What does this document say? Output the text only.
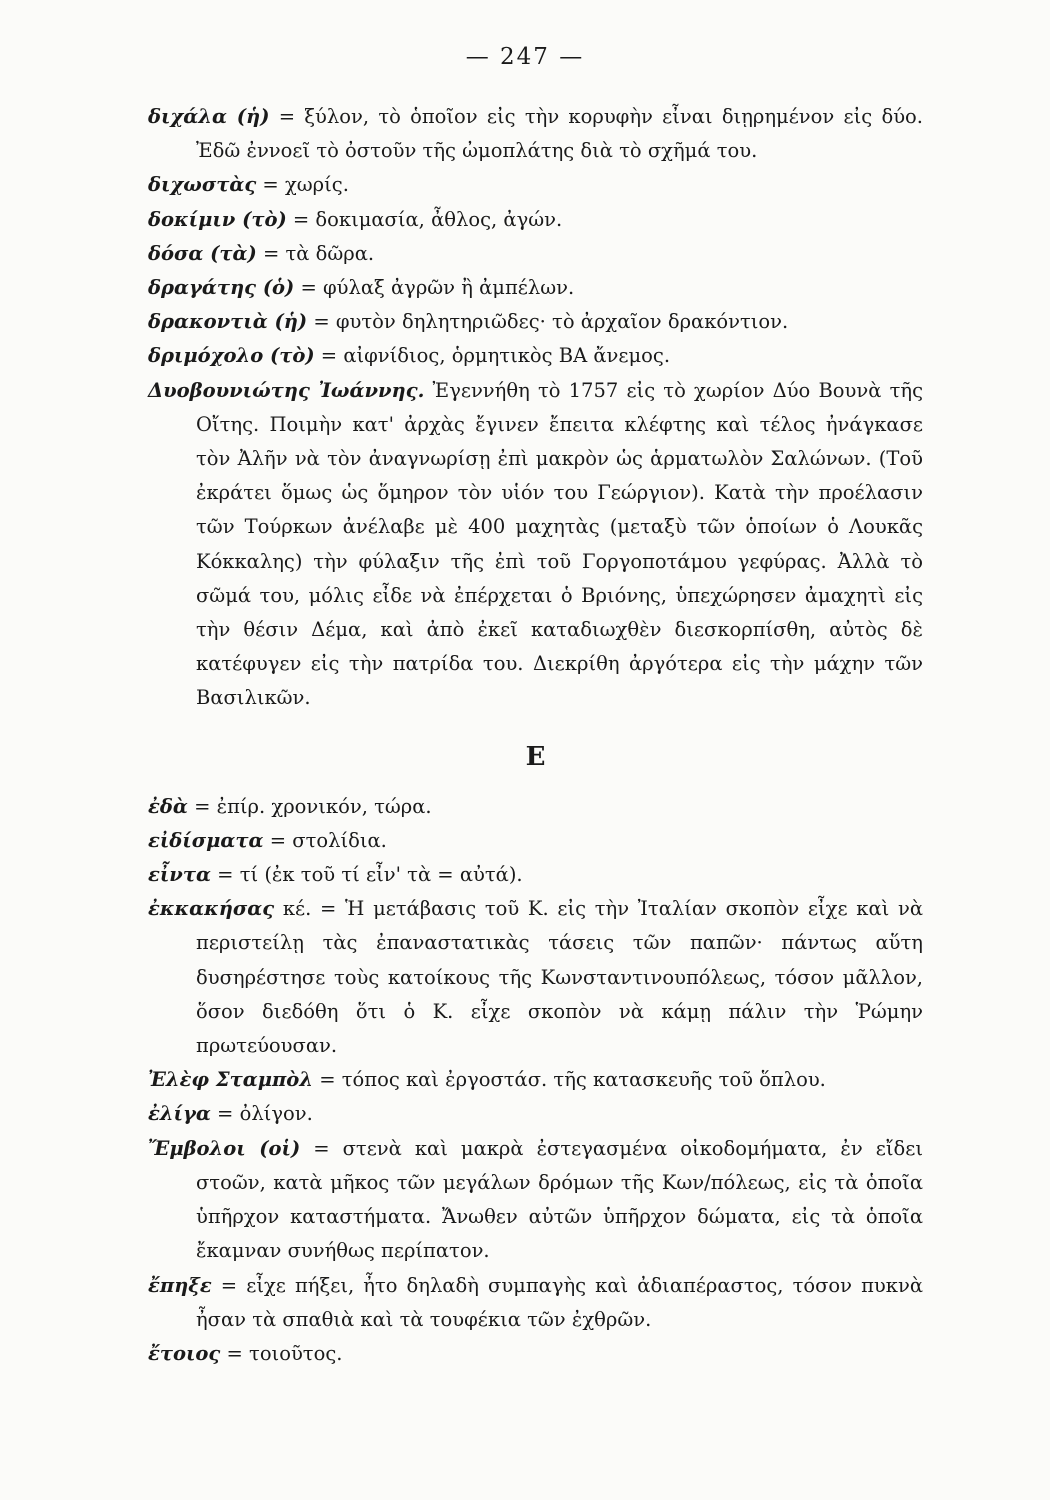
— 247 —

διχάλα (ἡ) = ξύλον, τὸ ὁποῖον εἰς τὴν κορυφὴν εἶναι διῃρημένον εἰς δύο. Ἐδῶ ἐννοεῖ τὸ ὀστοῦν τῆς ὠμοπλάτης διὰ τὸ σχῆμά του.

διχωστὰς = χωρίς.

δοκίμιν (τὸ) = δοκιμασία, ἆθλος, ἀγών.

δόσα (τὰ) = τὰ δῶρα.

δραγάτης (ὁ) = φύλαξ ἀγρῶν ἢ ἀμπέλων.

δρακοντιὰ (ἡ) = φυτὸν δηλητηριῶδες· τὸ ἀρχαῖον δρακόντιον.

δριμόχολο (τὸ) = αἰφνίδιος, ὁρμητικὸς ΒΑ ἄνεμος.

Δυοβουνιώτης Ἰωάννης. Ἐγεννήθη τὸ 1757 εἰς τὸ χωρίον Δύο Βουνὰ τῆς Οἴτης. Ποιμὴν κατ' ἀρχὰς ἔγινεν ἔπειτα κλέφτης καὶ τέλος ἠνάγκασε τὸν Ἀλῆν νὰ τὸν ἀναγνωρίσῃ ἐπὶ μακρὸν ὡς ἁρματωλὸν Σαλώνων. (Τοῦ ἐκράτει ὅμως ὡς ὅμηρον τὸν υἱόν του Γεώργιον). Κατὰ τὴν προέλασιν τῶν Τούρκων ἀνέλαβε μὲ 400 μαχητὰς (μεταξὺ τῶν ὁποίων ὁ Λουκᾶς Κόκκαλης) τὴν φύλαξιν τῆς ἐπὶ τοῦ Γοργοποτάμου γεφύρας. Ἀλλὰ τὸ σῶμά του, μόλις εἶδε νὰ ἐπέρχεται ὁ Βριόνης, ὑπεχώρησεν ἀμαχητὶ εἰς τὴν θέσιν Δέμα, καὶ ἀπὸ ἐκεῖ καταδιωχθὲν διεσκορπίσθη, αὐτὸς δὲ κατέφυγεν εἰς τὴν πατρίδα του. Διεκρίθη ἀργότερα εἰς τὴν μάχην τῶν Βασιλικῶν.

Ε

ἐδὰ = ἐπίρ. χρονικόν, τώρα.

εἰδίσματα = στολίδια.

εἶντα = τί (ἐκ τοῦ τί εἶν' τὰ = αὐτά).

ἐκκακήσας κέ. = Ἡ μετάβασις τοῦ Κ. εἰς τὴν Ἰταλίαν σκοπὸν εἶχε καὶ νὰ περιστείλῃ τὰς ἐπαναστατικὰς τάσεις τῶν παπῶν· πάντως αὕτη δυσηρέστησε τοὺς κατοίκους τῆς Κωνσταντινουπόλεως, τόσον μᾶλλον, ὅσον διεδόθη ὅτι ὁ Κ. εἶχε σκοπὸν νὰ κάμῃ πάλιν τὴν Ῥώμην πρωτεύουσαν.

Ἐλὲφ Σταμπὸλ = τόπος καὶ ἐργοστάσ. τῆς κατασκευῆς τοῦ ὅπλου.

ἐλίγα = ὀλίγον.

Ἔμβολοι (οἱ) = στενὰ καὶ μακρὰ ἐστεγασμένα οἰκοδομήματα, ἐν εἴδει στοῶν, κατὰ μῆκος τῶν μεγάλων δρόμων τῆς Κων/πόλεως, εἰς τὰ ὁποῖα ὑπῆρχον καταστήματα. Ἄνωθεν αὐτῶν ὑπῆρχον δώματα, εἰς τὰ ὁποῖα ἔκαμναν συνήθως περίπατον.

ἔπηξε = εἶχε πήξει, ἦτο δηλαδὴ συμπαγὴς καὶ ἀδιαπέραστος, τόσον πυκνὰ ἦσαν τὰ σπαθιὰ καὶ τὰ τουφέκια τῶν ἐχθρῶν.

ἔτοιος = τοιοῦτος.
